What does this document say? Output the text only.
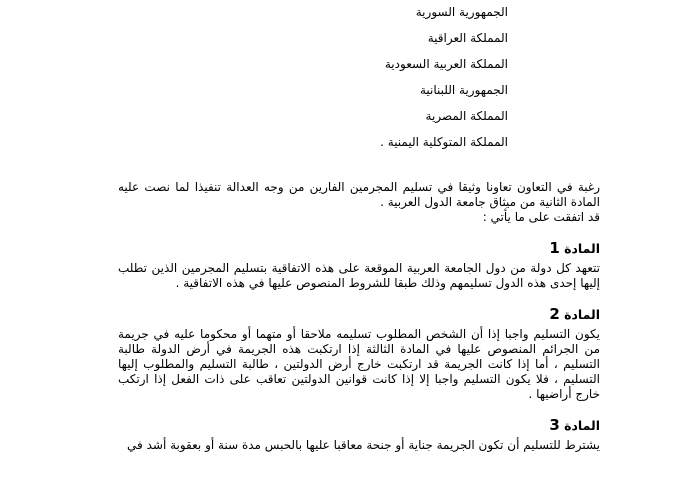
الجمهورية السورية
المملكة العراقية
المملكة العربية السعودية
الجمهورية اللبنانية
المملكة المصرية
المملكة المتوكلية اليمنية .

رغبة في التعاون تعاونا وثيقا في تسليم المجرمين الفارين من وجه العدالة تنفيذا لما نصت عليه المادة الثانية من ميثاق جامعة الدول العربية .

قد اتفقت على ما يأتي :

المادة 1

تتعهد كل دولة من دول الجامعة العربية الموقعة على هذه الاتفاقية بتسليم المجرمين الذين تطلب إليها إحدى هذه الدول تسليمهم وذلك طبقا للشروط المنصوص عليها في هذه الاتفاقية .

المادة 2

يكون التسليم واجبا إذا أن الشخص المطلوب تسليمه ملاحقا أو متهما أو محكوما عليه في جريمة من الجرائم المنصوص عليها في المادة الثالثة إذا ارتكبت هذه الجريمة في أرض الدولة طالبة التسليم ، أما إذا كانت الجريمة قد ارتكبت خارج أرض الدولتين ، طالبة التسليم والمطلوب إليها التسليم ، فلا يكون التسليم واجبا إلا إذا كانت قوانين الدولتين تعاقب على ذات الفعل إذا ارتكب خارج أراضيها .

المادة 3

يشترط للتسليم أن تكون الجريمة جناية أو جنحة معاقبا عليها بالحبس مدة سنة أو بعقوبة أشد في
